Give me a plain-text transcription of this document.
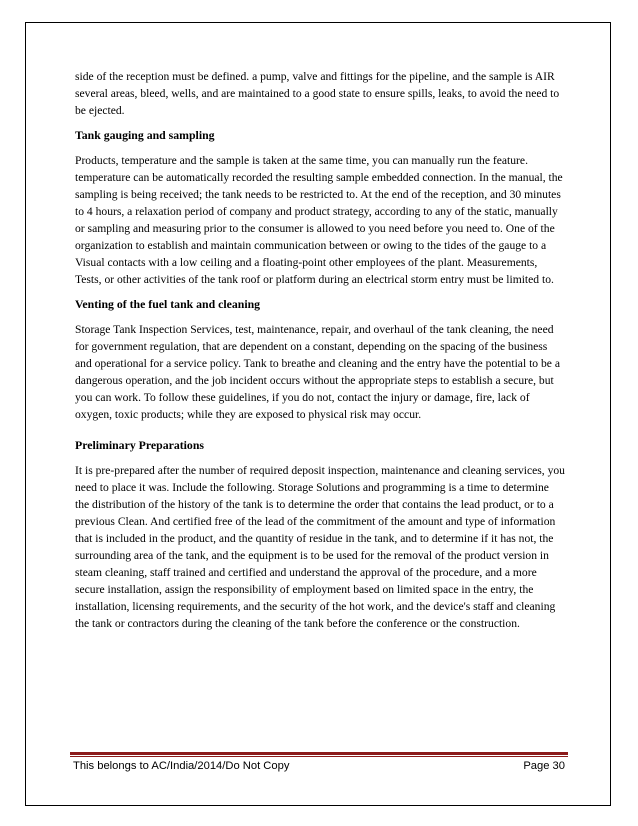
side of the reception must be defined. a pump, valve and fittings for the pipeline, and the sample is AIR several areas, bleed, wells, and are maintained to a good state to ensure spills, leaks, to avoid the need to be ejected.

Tank gauging and sampling

Products, temperature and the sample is taken at the same time, you can manually run the feature. temperature can be automatically recorded the resulting sample embedded connection. In the manual, the sampling is being received; the tank needs to be restricted to. At the end of the reception, and 30 minutes to 4 hours, a relaxation period of company and product strategy, according to any of the static, manually or sampling and measuring prior to the consumer is allowed to you need before you need to. One of the organization to establish and maintain communication between or owing to the tides of the gauge to a Visual contacts with a low ceiling and a floating-point other employees of the plant. Measurements, Tests, or other activities of the tank roof or platform during an electrical storm entry must be limited to.

Venting of the fuel tank and cleaning

Storage Tank Inspection Services, test, maintenance, repair, and overhaul of the tank cleaning, the need for government regulation, that are dependent on a constant, depending on the spacing of the business and operational for a service policy. Tank to breathe and cleaning and the entry have the potential to be a dangerous operation, and the job incident occurs without the appropriate steps to establish a secure, but you can work. To follow these guidelines, if you do not, contact the injury or damage, fire, lack of oxygen, toxic products; while they are exposed to physical risk may occur.

Preliminary Preparations

It is pre-prepared after the number of required deposit inspection, maintenance and cleaning services, you need to place it was. Include the following. Storage Solutions and programming is a time to determine the distribution of the history of the tank is to determine the order that contains the lead product, or to a previous Clean. And certified free of the lead of the commitment of the amount and type of information that is included in the product, and the quantity of residue in the tank, and to determine if it has not, the surrounding area of the tank, and the equipment is to be used for the removal of the product version in steam cleaning, staff trained and certified and understand the approval of the procedure, and a more secure installation, assign the responsibility of employment based on limited space in the entry, the installation, licensing requirements, and the security of the hot work, and the device's staff and cleaning the tank or contractors during the cleaning of the tank before the conference or the construction.

This belongs to AC/India/2014/Do Not Copy	Page 30
